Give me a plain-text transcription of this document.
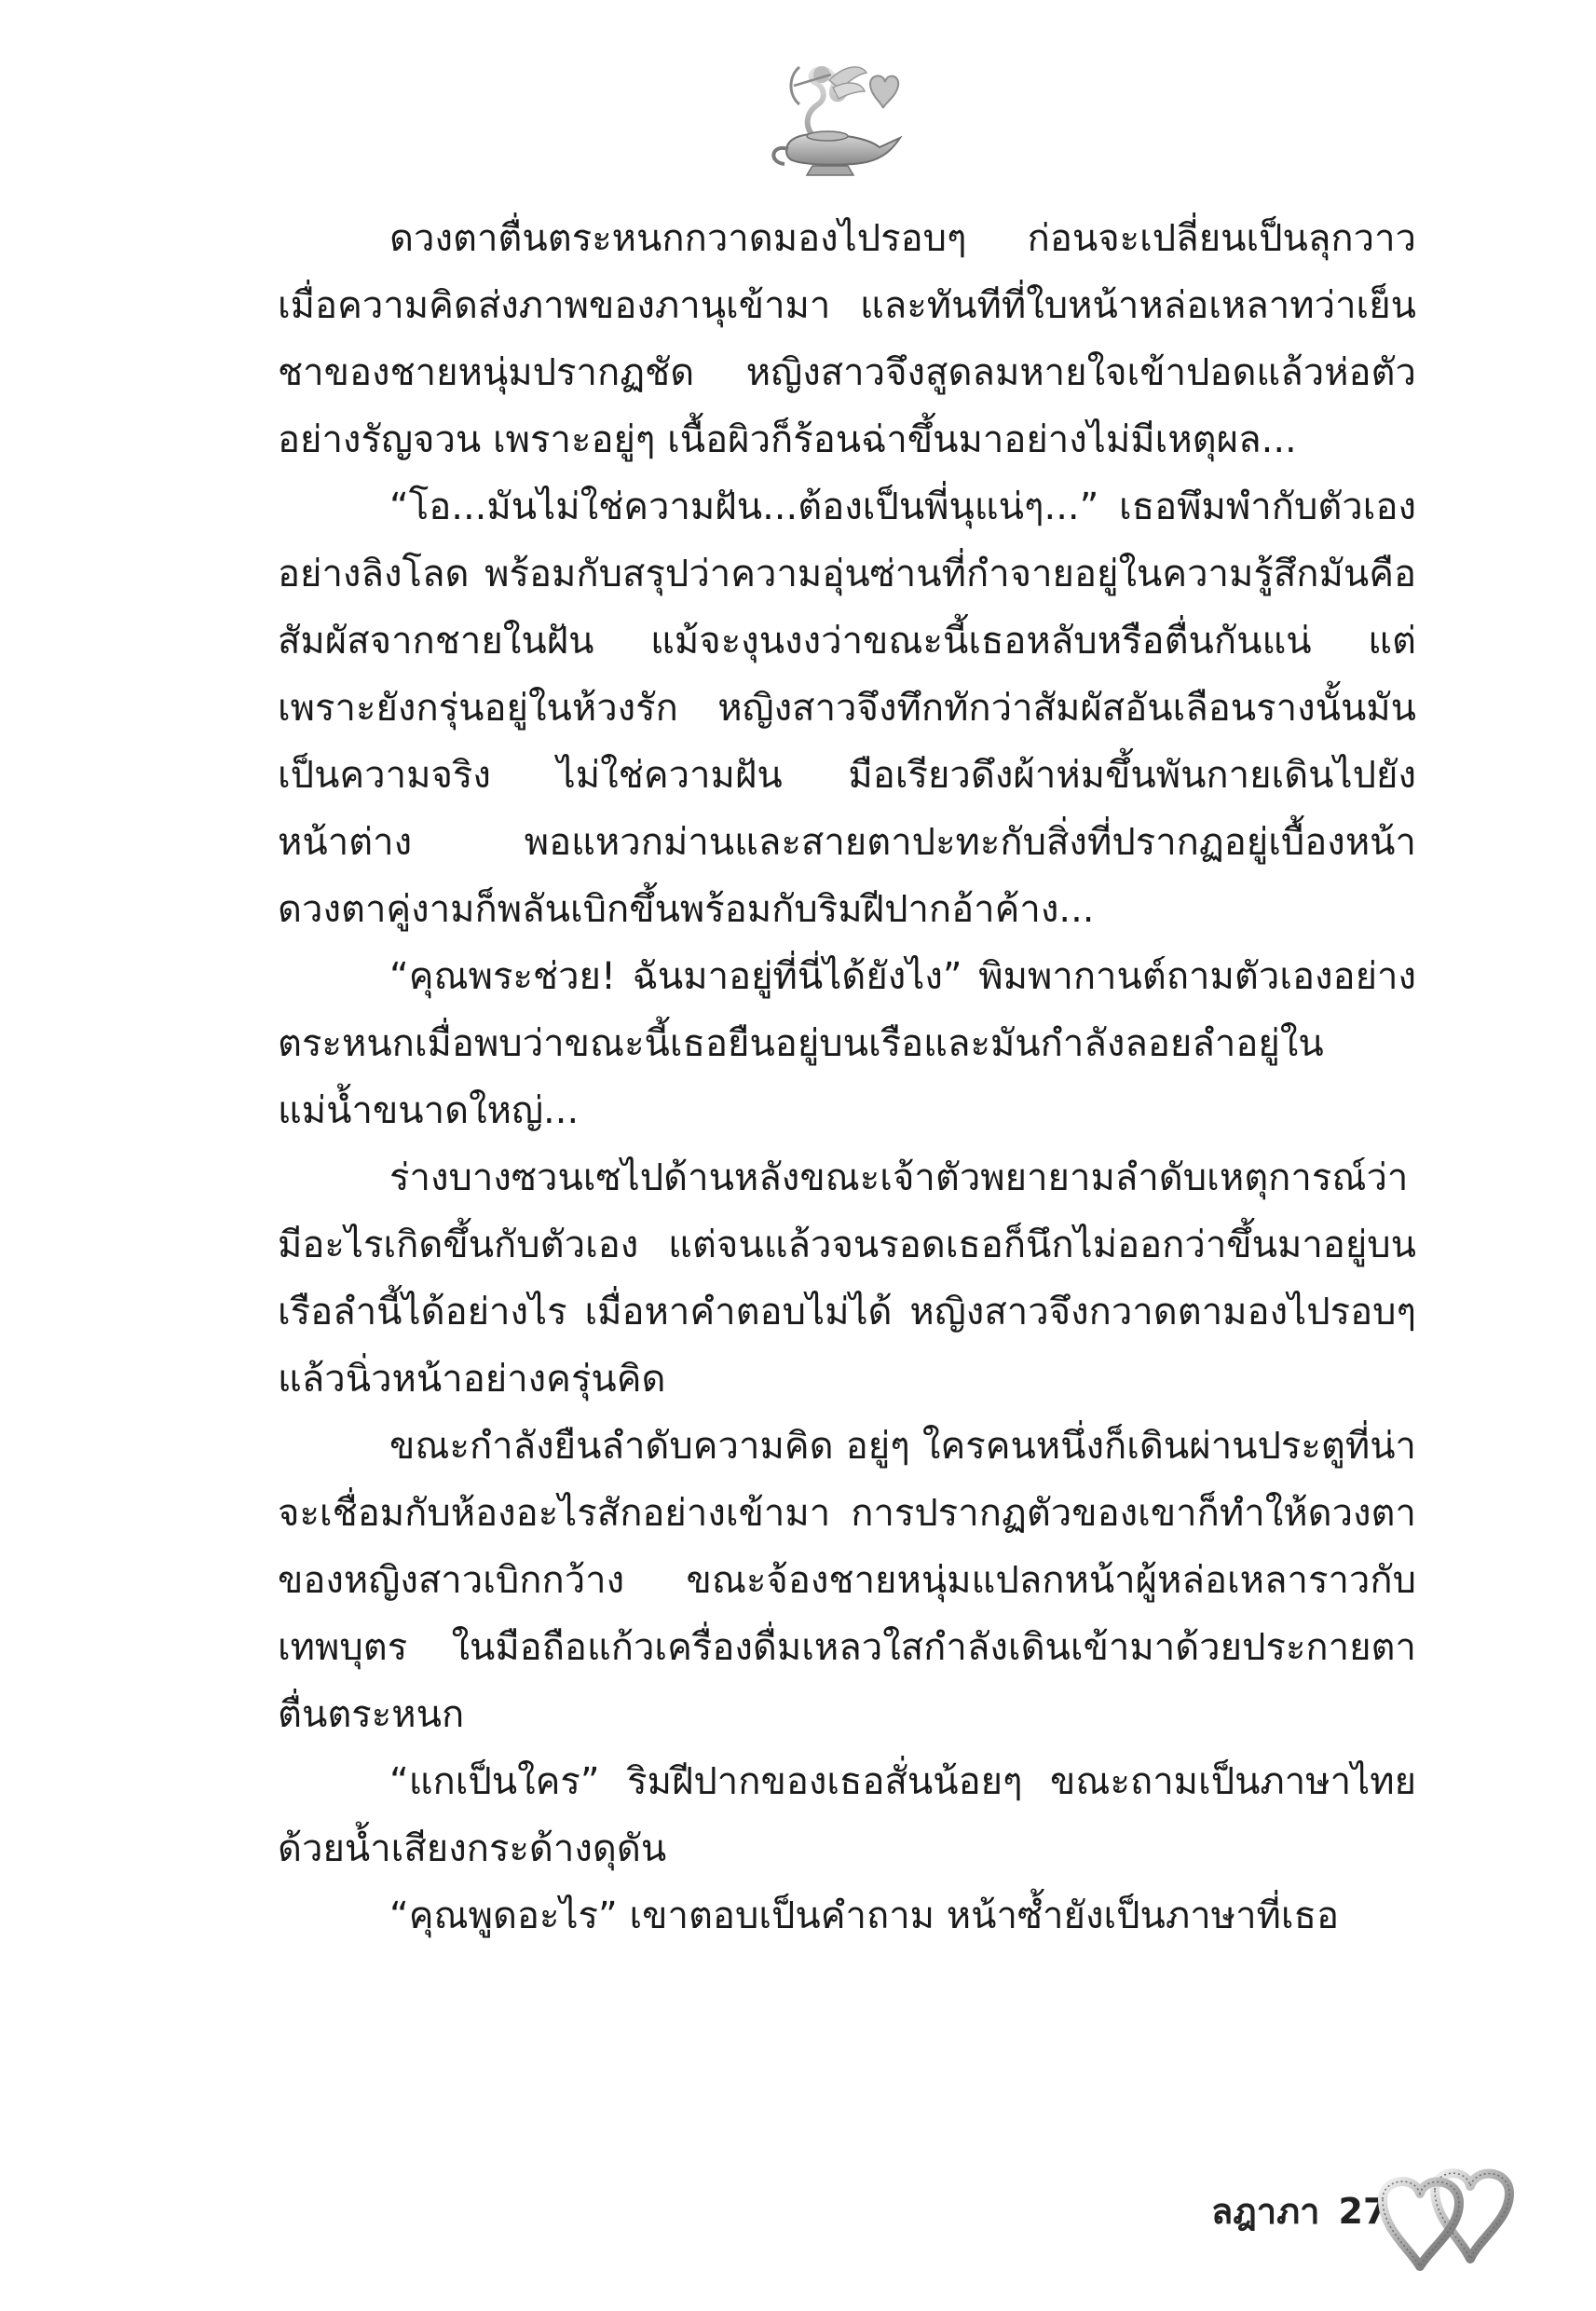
ดวงตาตื่นตระหนกกวาดมองไปรอบๆ ก่อนจะเปลี่ยนเป็นลุกวาวเมื่อความคิดส่งภาพของภานุเข้ามา และทันทีที่ใบหน้าหล่อเหลาทว่าเย็นชาของชายหนุ่มปรากฏชัด หญิงสาวจึงสูดลมหายใจเข้าปอดแล้วห่อตัวอย่างรัญจวน เพราะอยู่ๆ เนื้อผิวก็ร้อนฉ่าขึ้นมาอย่างไม่มีเหตุผล...

“โอ...มันไม่ใช่ความฝัน...ต้องเป็นพี่นุแน่ๆ...” เธอพึมพำกับตัวเองอย่างลิงโลด พร้อมกับสรุปว่าความอุ่นซ่านที่กำจายอยู่ในความรู้สึกมันคือสัมผัสจากชายในฝัน แม้จะงุนงงว่าขณะนี้เธอหลับหรือตื่นกันแน่ แต่เพราะยังกรุ่นอยู่ในห้วงรัก หญิงสาวจึงทึกทักว่าสัมผัสอันเลือนรางนั้นมันเป็นความจริง ไม่ใช่ความฝัน มือเรียวดึงผ้าห่มขึ้นพันกายเดินไปยังหน้าต่าง พอแหวกม่านและสายตาปะทะกับสิ่งที่ปรากฏอยู่เบื้องหน้าดวงตาคู่งามก็พลันเบิกขึ้นพร้อมกับริมฝีปากอ้าค้าง...

“คุณพระช่วย! ฉันมาอยู่ที่นี่ได้ยังไง” พิมพากานต์ถามตัวเองอย่างตระหนกเมื่อพบว่าขณะนี้เธอยืนอยู่บนเรือและมันกำลังลอยลำอยู่ในแม่น้ำขนาดใหญ่...

ร่างบางซวนเซไปด้านหลังขณะเจ้าตัวพยายามลำดับเหตุการณ์ว่ามีอะไรเกิดขึ้นกับตัวเอง แต่จนแล้วจนรอดเธอก็นึกไม่ออกว่าขึ้นมาอยู่บนเรือลำนี้ได้อย่างไร เมื่อหาคำตอบไม่ได้ หญิงสาวจึงกวาดตามองไปรอบๆ แล้วนิ่วหน้าอย่างครุ่นคิด

ขณะกำลังยืนลำดับความคิด อยู่ๆ ใครคนหนึ่งก็เดินผ่านประตูที่น่าจะเชื่อมกับห้องอะไรสักอย่างเข้ามา การปรากฏตัวของเขาก็ทำให้ดวงตาของหญิงสาวเบิกกว้าง ขณะจ้องชายหนุ่มแปลกหน้าผู้หล่อเหลาราวกับเทพบุตร ในมือถือแก้วเครื่องดื่มเหลวใสกำลังเดินเข้ามาด้วยประกายตาตื่นตระหนก

“แกเป็นใคร” ริมฝีปากของเธอสั่นน้อยๆ ขณะถามเป็นภาษาไทยด้วยน้ำเสียงกระด้างดุดัน

“คุณพูดอะไร” เขาตอบเป็นคำถาม หน้าซ้ำยังเป็นภาษาที่เธอ

ลฎาภา 27
